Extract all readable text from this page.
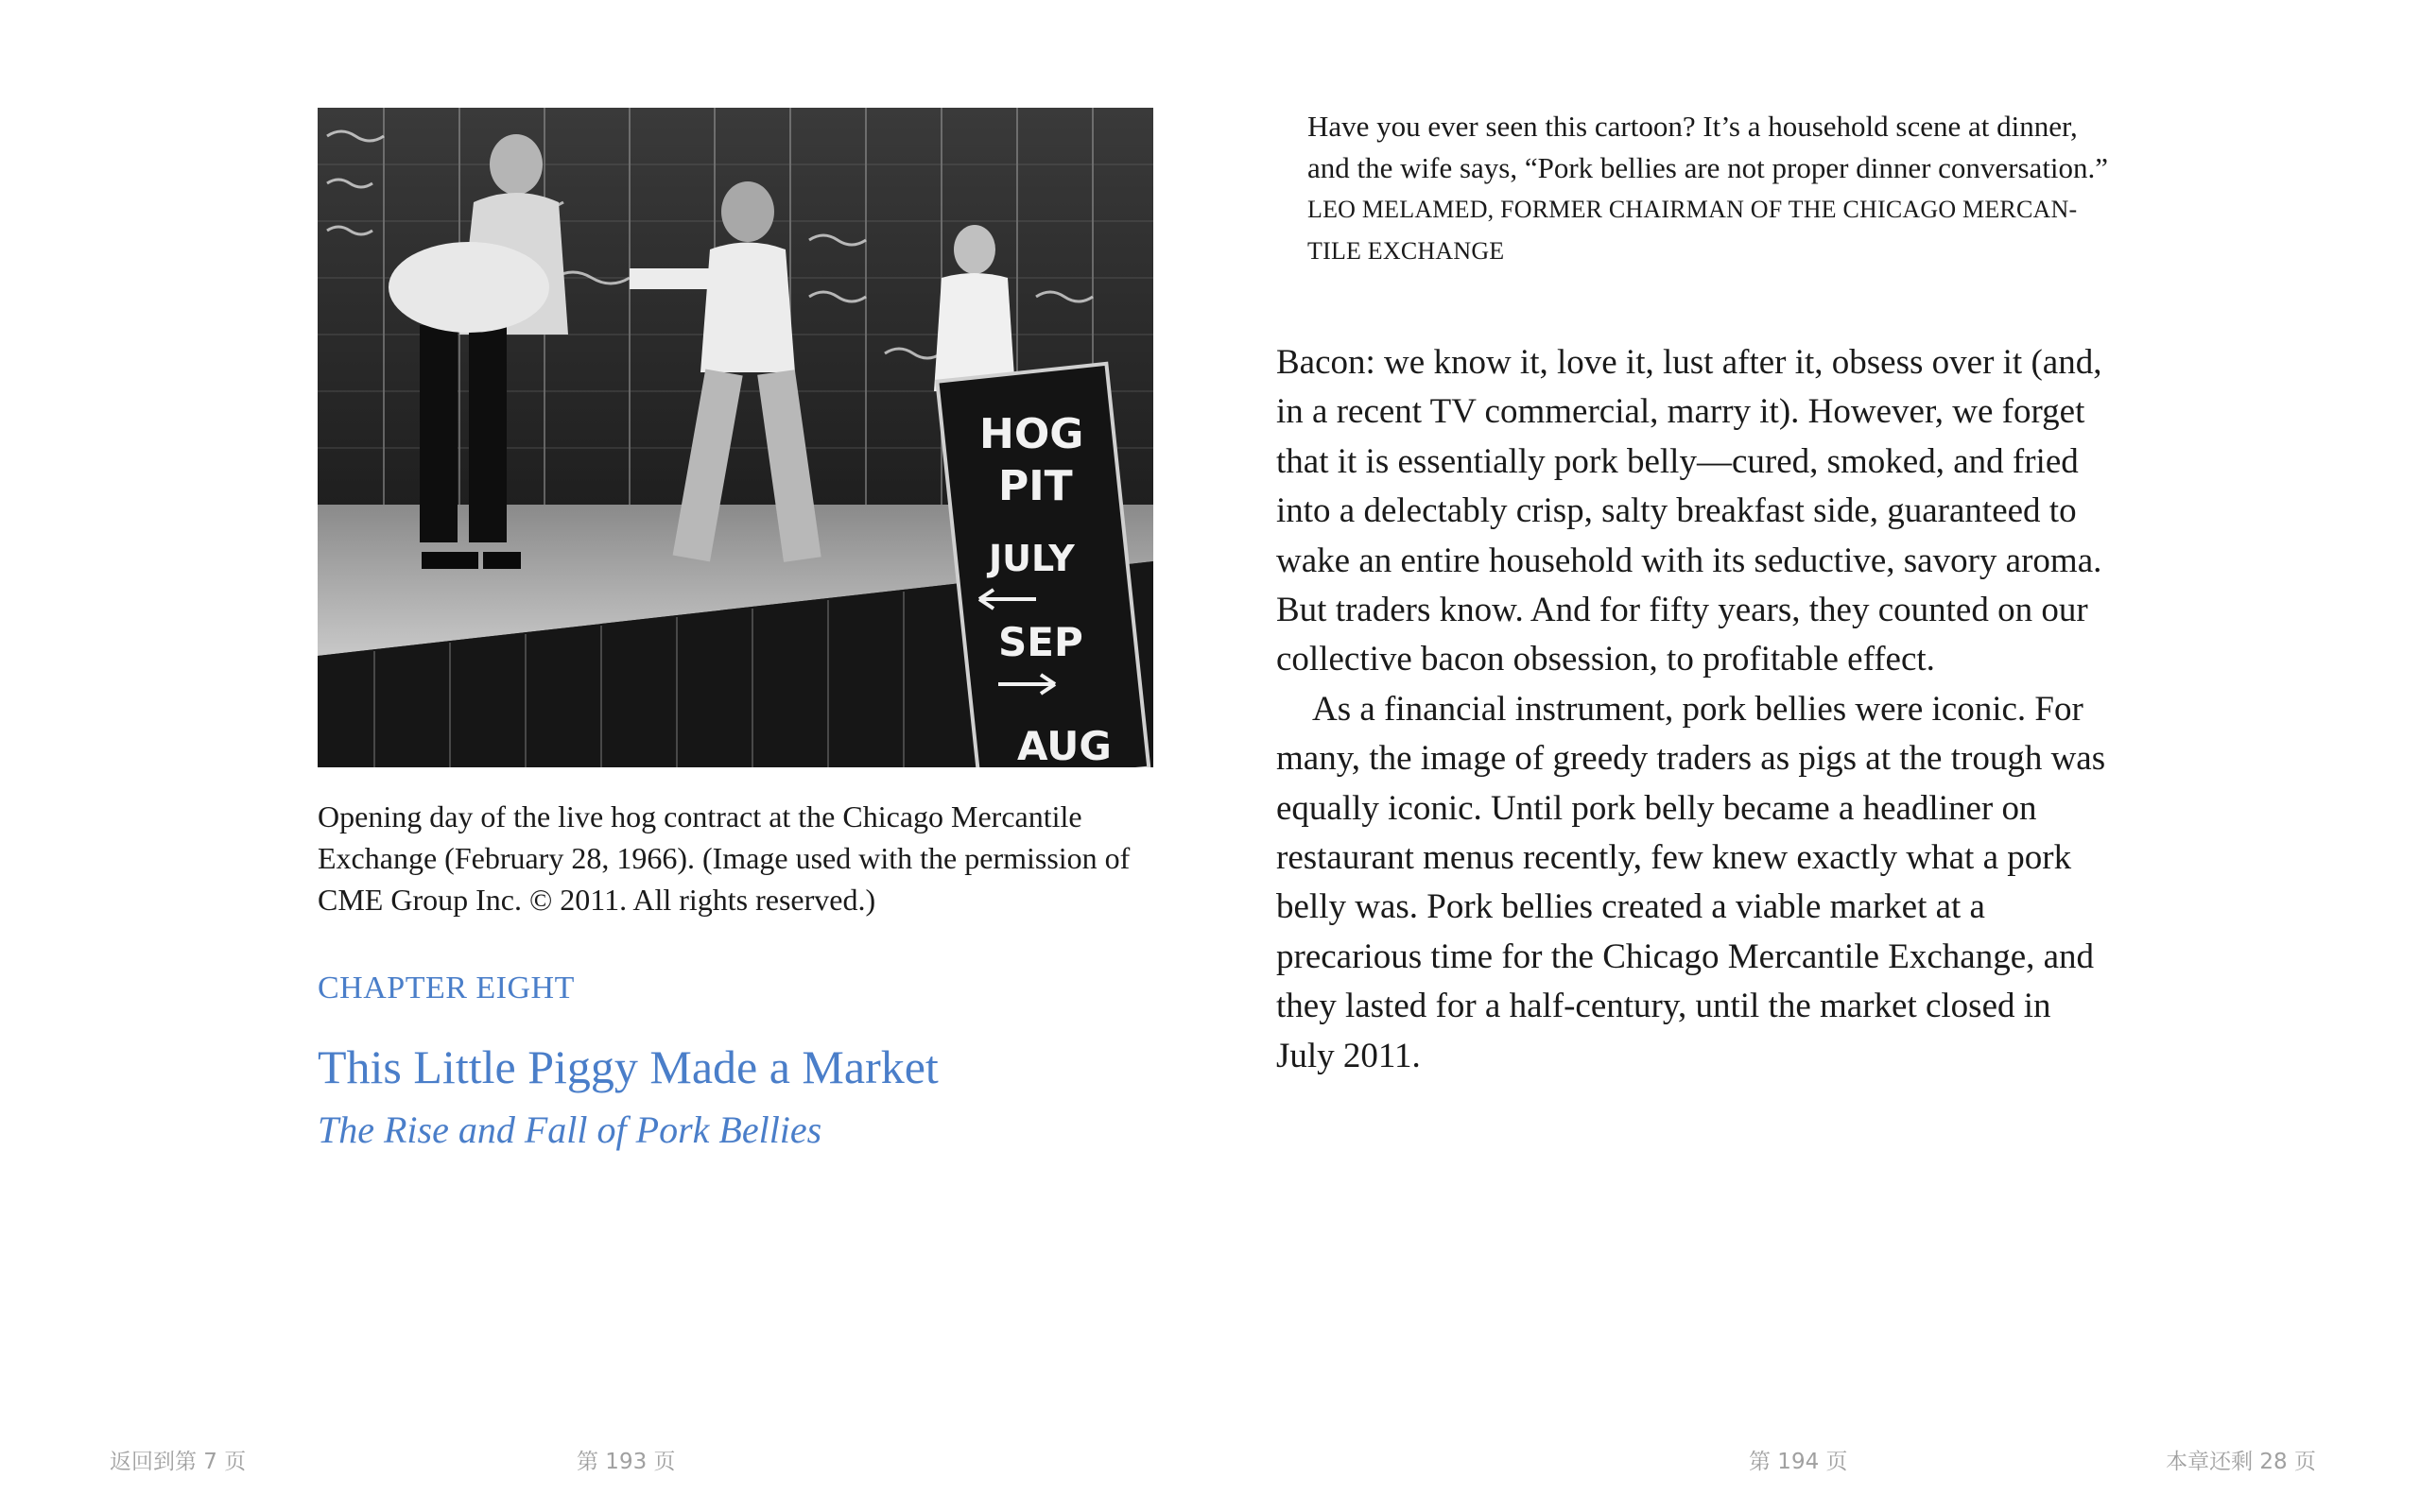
HOG
PIT
JULY
SEP
AUG
Opening day of the live hog contract at the Chicago Mercantile Exchange (February 28, 1966). (Image used with the permission of CME Group Inc. © 2011. All rights reserved.)
CHAPTER EIGHT
This Little Piggy Made a Market
The Rise and Fall of Pork Bellies
Have you ever seen this cartoon? It’s a household scene at dinner, and the wife says, “Pork bellies are not proper dinner conversation.”
LEO MELAMED, FORMER CHAIRMAN OF THE CHICAGO MERCANTILE EXCHANGE

Bacon: we know it, love it, lust after it, obsess over it (and, in a recent TV commercial, marry it). However, we forget that it is essentially pork belly—cured, smoked, and fried into a delectably crisp, salty breakfast side, guaranteed to wake an entire household with its seductive, savory aroma. But traders know. And for fifty years, they counted on our collective bacon obsession, to profitable effect.

As a financial instrument, pork bellies were iconic. For many, the image of greedy traders as pigs at the trough was equally iconic. Until pork belly became a headliner on restaurant menus recently, few knew exactly what a pork belly was. Pork bellies created a viable market at a precarious time for the Chicago Mercantile Exchange, and they lasted for a half-century, until the market closed in July 2011.

返回到第 7 页	第 193 页	第 194 页	本章还剩 28 页
